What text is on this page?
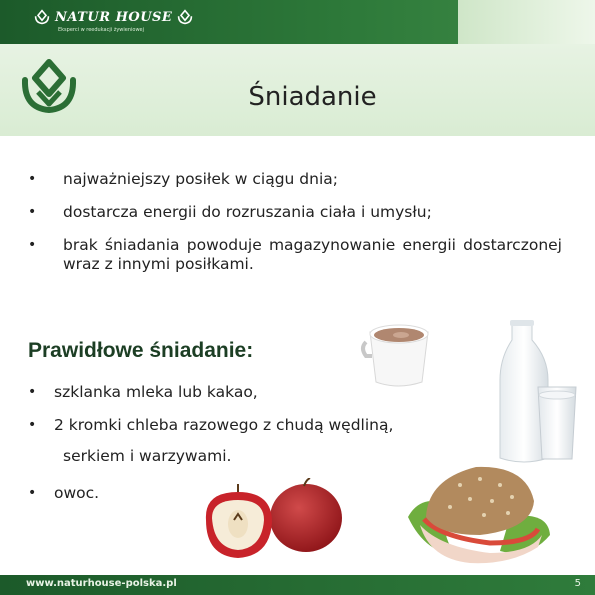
NATUR HOUSE
Eksperci w reedukacji żywieniowej
Śniadanie
• najważniejszy posiłek w ciągu dnia;
• dostarcza energii do rozruszania ciała i umysłu;
• brak śniadania powoduje magazynowanie energii dostarczonej wraz z innymi posiłkami.
Prawidłowe śniadanie:
• szklanka mleka lub kakao,
• 2 kromki chleba razowego z chudą wędliną,
serkiem i warzywami.
• owoc.
www.naturhouse-polska.pl	5
